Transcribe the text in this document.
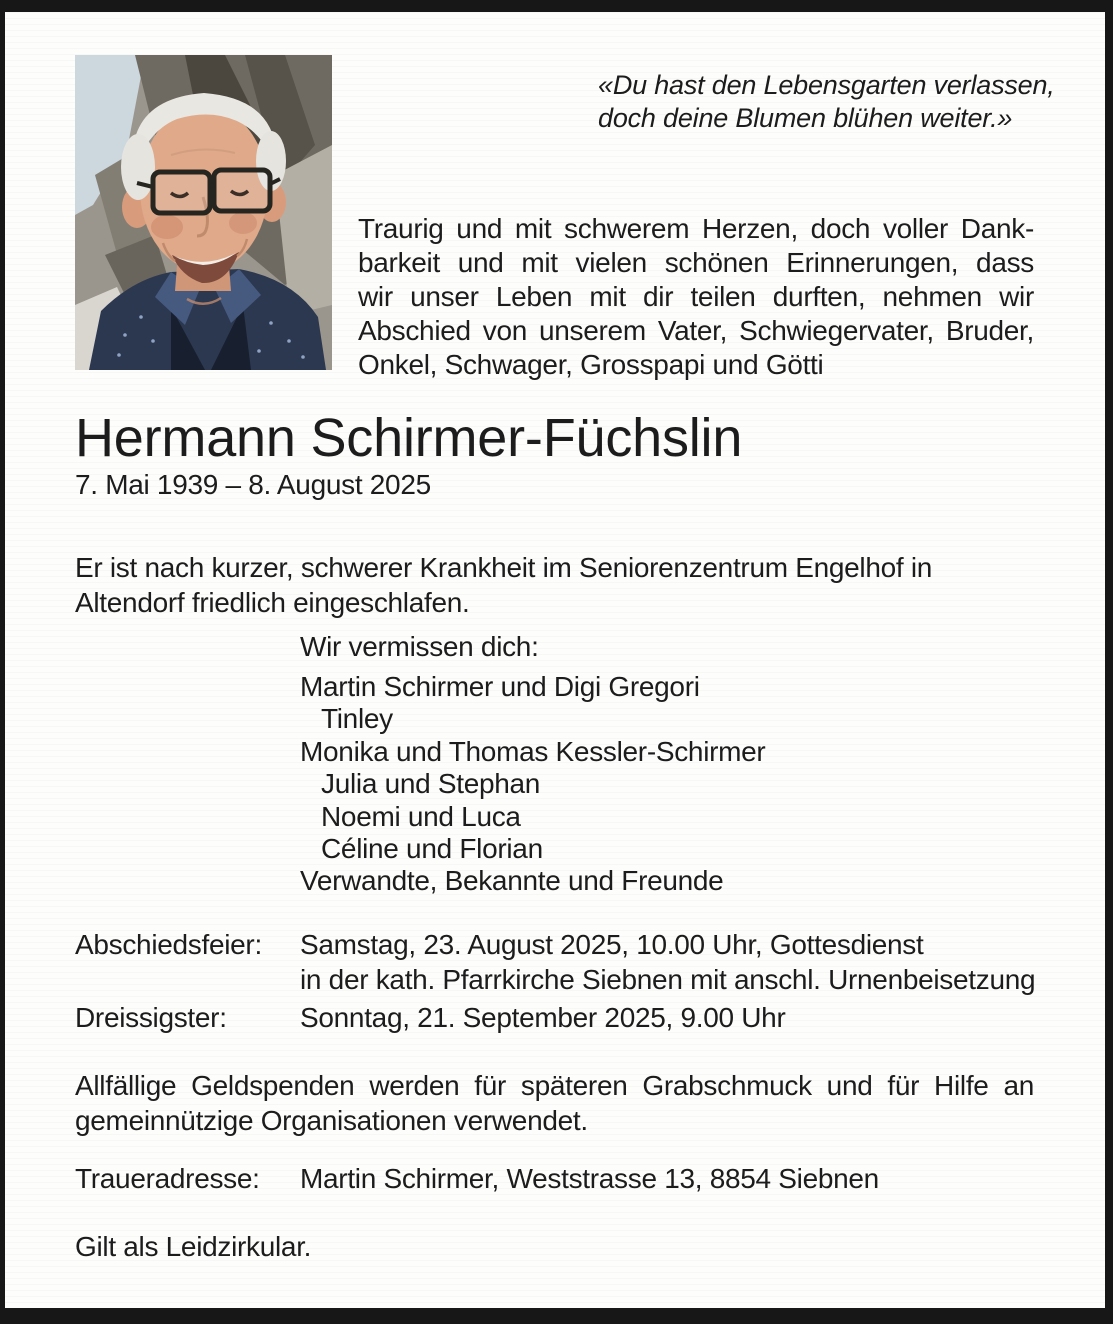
«Du hast den Lebensgarten verlassen,
doch deine Blumen blühen weiter.»
Traurig und mit schwerem Herzen, doch voller Dank-
barkeit und mit vielen schönen Erinnerungen, dass
wir unser Leben mit dir teilen durften, nehmen wir
Abschied von unserem Vater, Schwiegervater, Bruder,
Onkel, Schwager, Grosspapi und Götti
Hermann Schirmer-Füchslin
7. Mai 1939 – 8. August 2025
Er ist nach kurzer, schwerer Krankheit im Seniorenzentrum Engelhof in
Altendorf friedlich eingeschlafen.
Wir vermissen dich:
Martin Schirmer und Digi Gregori
Tinley
Monika und Thomas Kessler-Schirmer
Julia und Stephan
Noemi und Luca
Céline und Florian
Verwandte, Bekannte und Freunde
Abschiedsfeier: Samstag, 23. August 2025, 10.00 Uhr, Gottesdienst
in der kath. Pfarrkirche Siebnen mit anschl. Urnenbeisetzung
Dreissigster:	Sonntag, 21. September 2025, 9.00 Uhr
Allfällige Geldspenden werden für späteren Grabschmuck und für Hilfe an
gemeinnützige Organisationen verwendet.
Traueradresse: Martin Schirmer, Weststrasse 13, 8854 Siebnen
Gilt als Leidzirkular.
